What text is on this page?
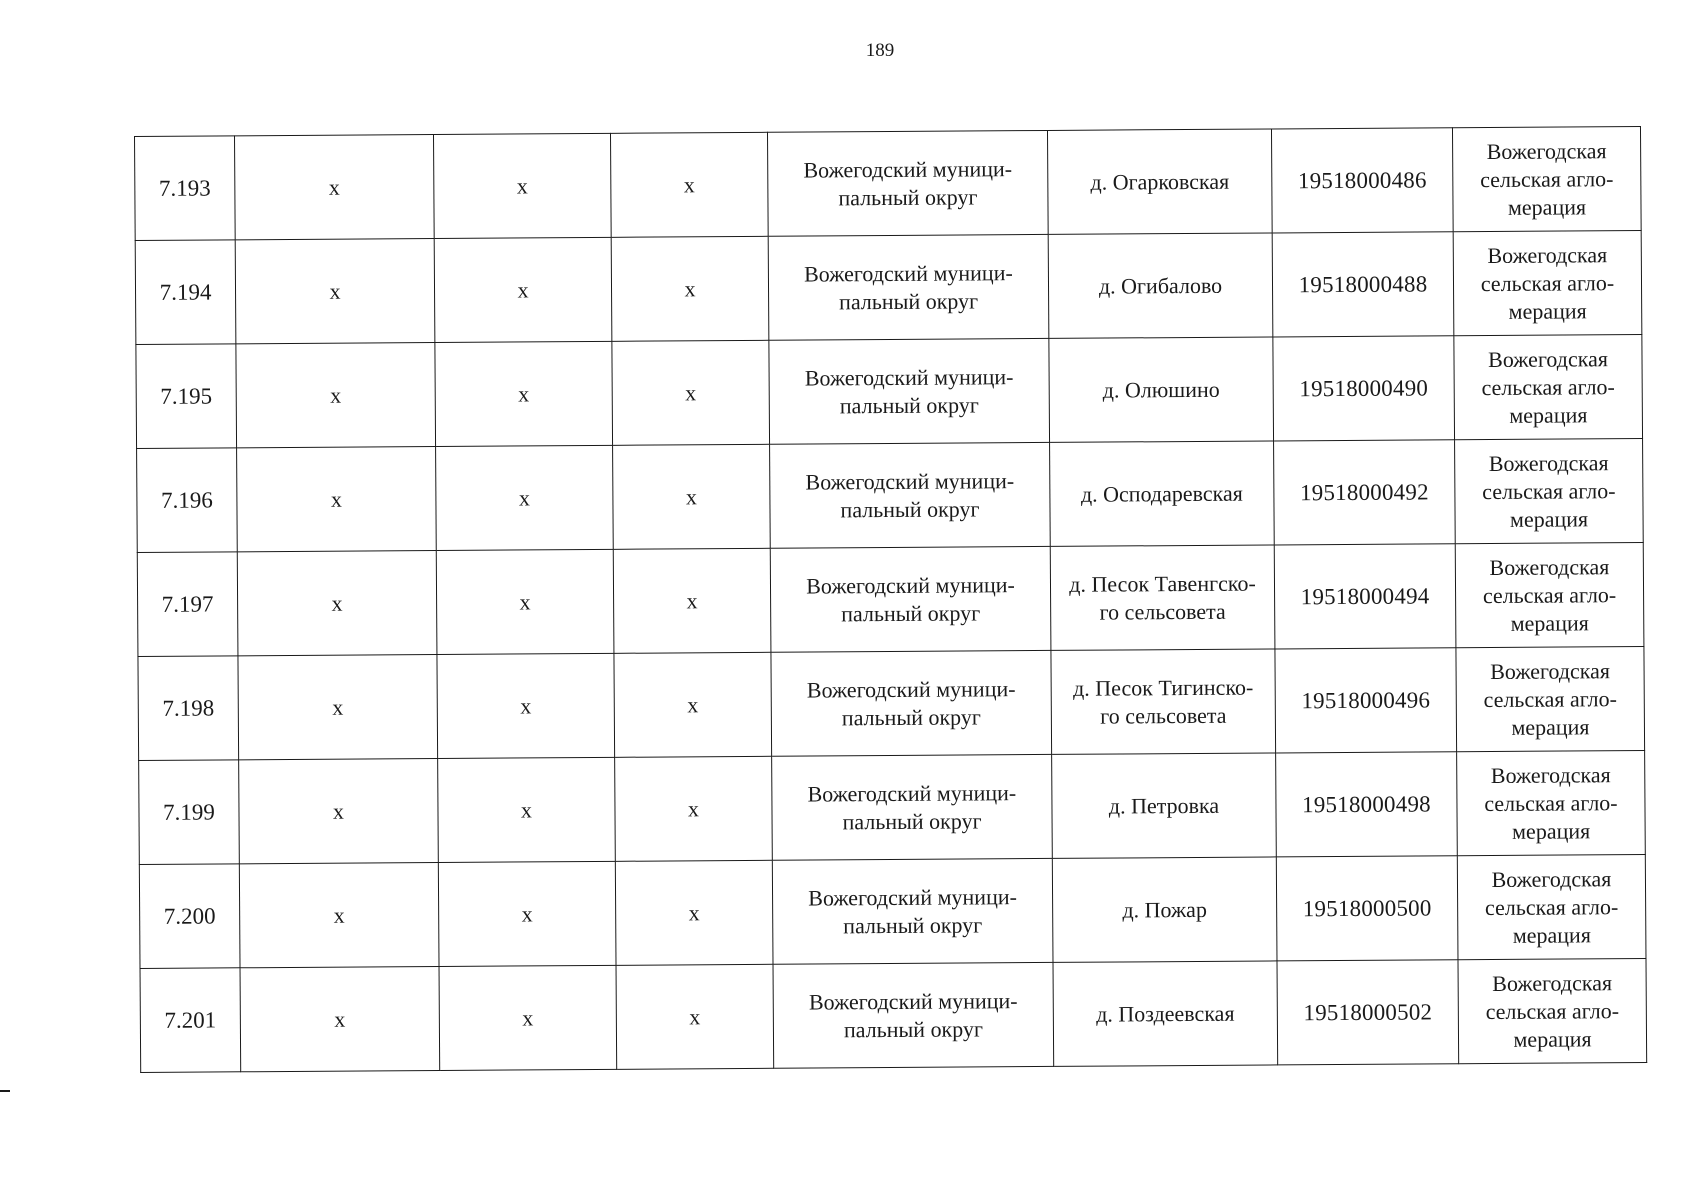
189
7.193	х	х	х	Вожегодский муници-
пальный округ	д. Огарковская	19518000486	Вожегодская
сельская агло-
мерация
7.194	х	х	х	Вожегодский муници-
пальный округ	д. Огибалово	19518000488	Вожегодская
сельская агло-
мерация
7.195	х	х	х	Вожегодский муници-
пальный округ	д. Олюшино	19518000490	Вожегодская
сельская агло-
мерация
7.196	х	х	х	Вожегодский муници-
пальный округ	д. Осподаревская	19518000492	Вожегодская
сельская агло-
мерация
7.197	х	х	х	Вожегодский муници-
пальный округ	д. Песок Тавенгско-
го сельсовета	19518000494	Вожегодская
сельская агло-
мерация
7.198	х	х	х	Вожегодский муници-
пальный округ	д. Песок Тигинско-
го сельсовета	19518000496	Вожегодская
сельская агло-
мерация
7.199	х	х	х	Вожегодский муници-
пальный округ	д. Петровка	19518000498	Вожегодская
сельская агло-
мерация
7.200	х	х	х	Вожегодский муници-
пальный округ	д. Пожар	19518000500	Вожегодская
сельская агло-
мерация
7.201	х	х	х	Вожегодский муници-
пальный округ	д. Поздеевская	19518000502	Вожегодская
сельская агло-
мерация
